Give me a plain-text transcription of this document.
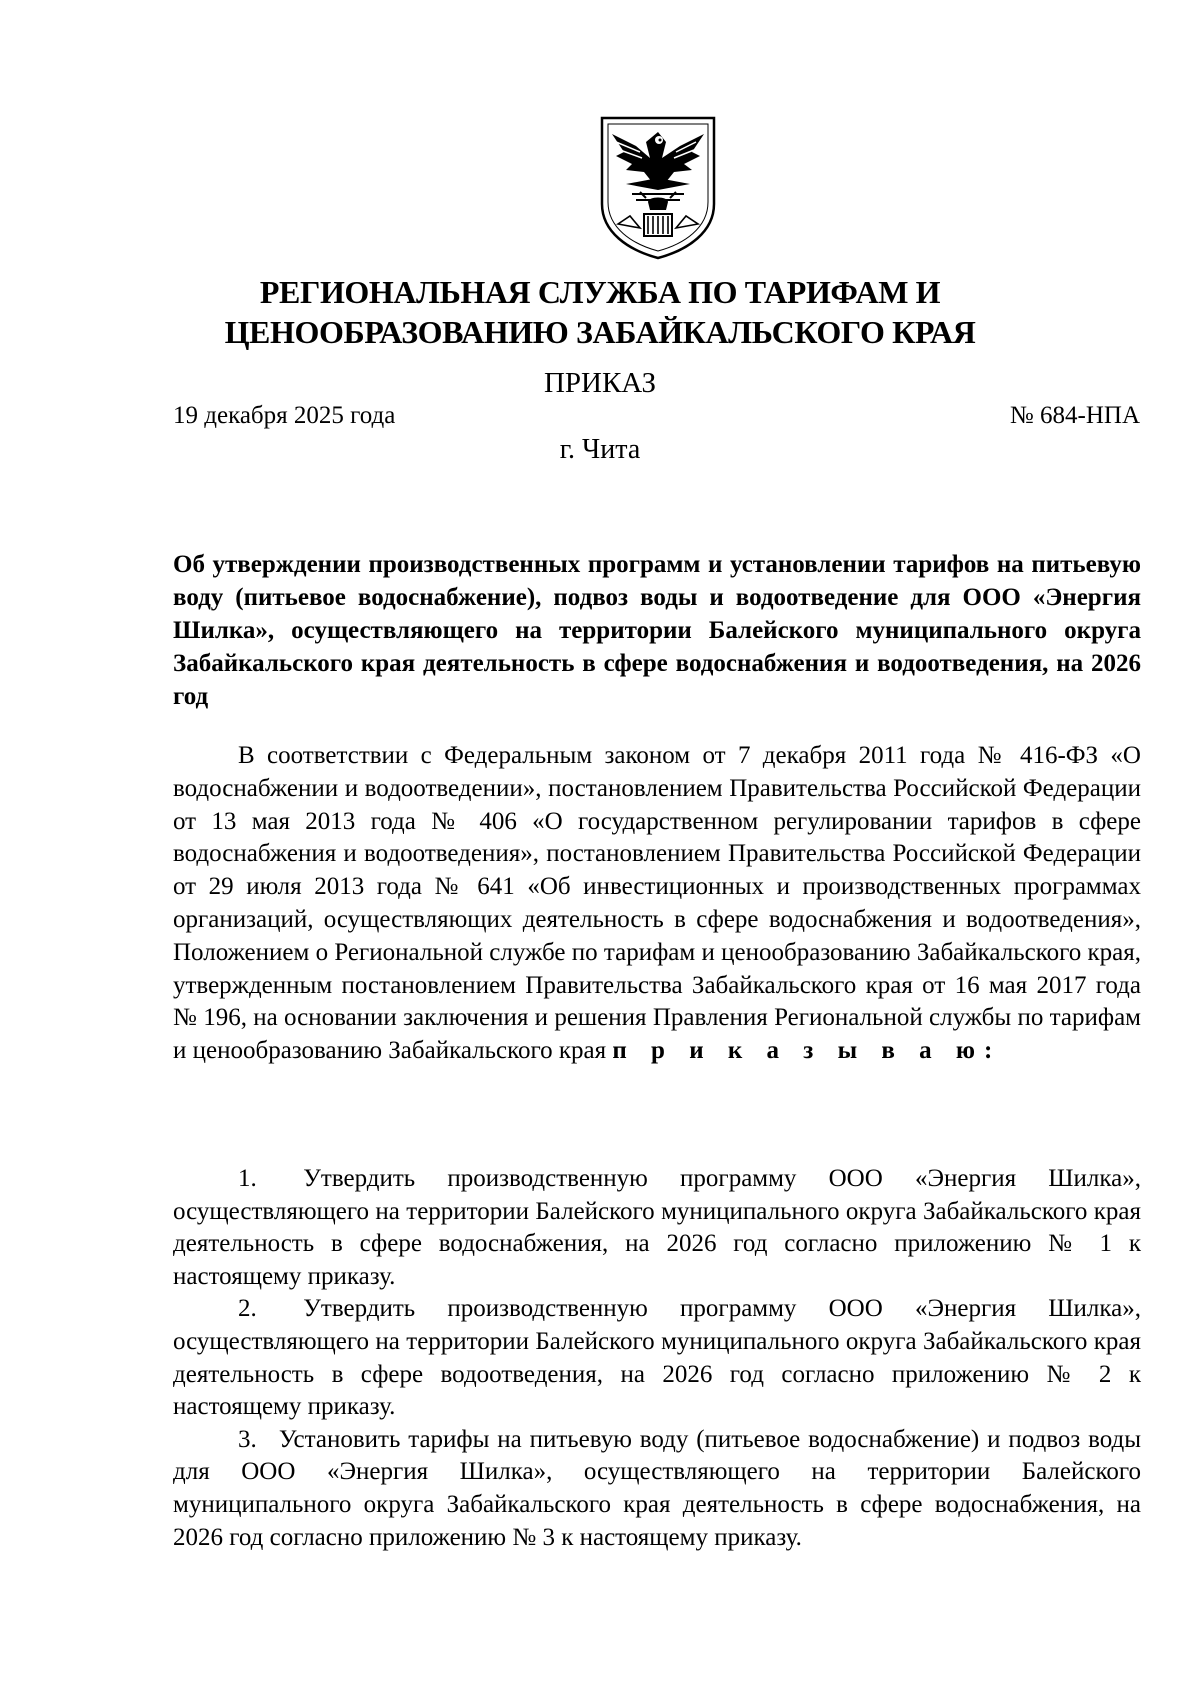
РЕГИОНАЛЬНАЯ СЛУЖБА ПО ТАРИФАМ И
ЦЕНООБРАЗОВАНИЮ ЗАБАЙКАЛЬСКОГО КРАЯ
ПРИКАЗ
19 декабря 2025 года	№ 684-НПА
г. Чита

Об утверждении производственных программ и установлении тарифов на питьевую воду (питьевое водоснабжение), подвоз воды и водоотведение для ООО «Энергия Шилка», осуществляющего на территории Балейского муниципального округа Забайкальского края деятельность в сфере водоснабжения и водоотведения, на 2026 год

В соответствии с Федеральным законом от 7 декабря 2011 года № 416-ФЗ «О водоснабжении и водоотведении», постановлением Правительства Российской Федерации от 13 мая 2013 года № 406 «О государственном регулировании тарифов в сфере водоснабжения и водоотведения», постановлением Правительства Российской Федерации от 29 июля 2013 года № 641 «Об инвестиционных и производственных программах организаций, осуществляющих деятельность в сфере водоснабжения и водоотведения», Положением о Региональной службе по тарифам и ценообразованию Забайкальского края, утвержденным постановлением Правительства Забайкальского края от 16 мая 2017 года № 196, на основании заключения и решения Правления Региональной службы по тарифам и ценообразованию Забайкальского края п р и к а з ы в а ю:

1. Утвердить производственную программу ООО «Энергия Шилка», осуществляющего на территории Балейского муниципального округа Забайкальского края деятельность в сфере водоснабжения, на 2026 год согласно приложению № 1 к настоящему приказу.
2. Утвердить производственную программу ООО «Энергия Шилка», осуществляющего на территории Балейского муниципального округа Забайкальского края деятельность в сфере водоотведения, на 2026 год согласно приложению № 2 к настоящему приказу.
3. Установить тарифы на питьевую воду (питьевое водоснабжение) и подвоз воды для ООО «Энергия Шилка», осуществляющего на территории Балейского муниципального округа Забайкальского края деятельность в сфере водоснабжения, на 2026 год согласно приложению № 3 к настоящему приказу.
